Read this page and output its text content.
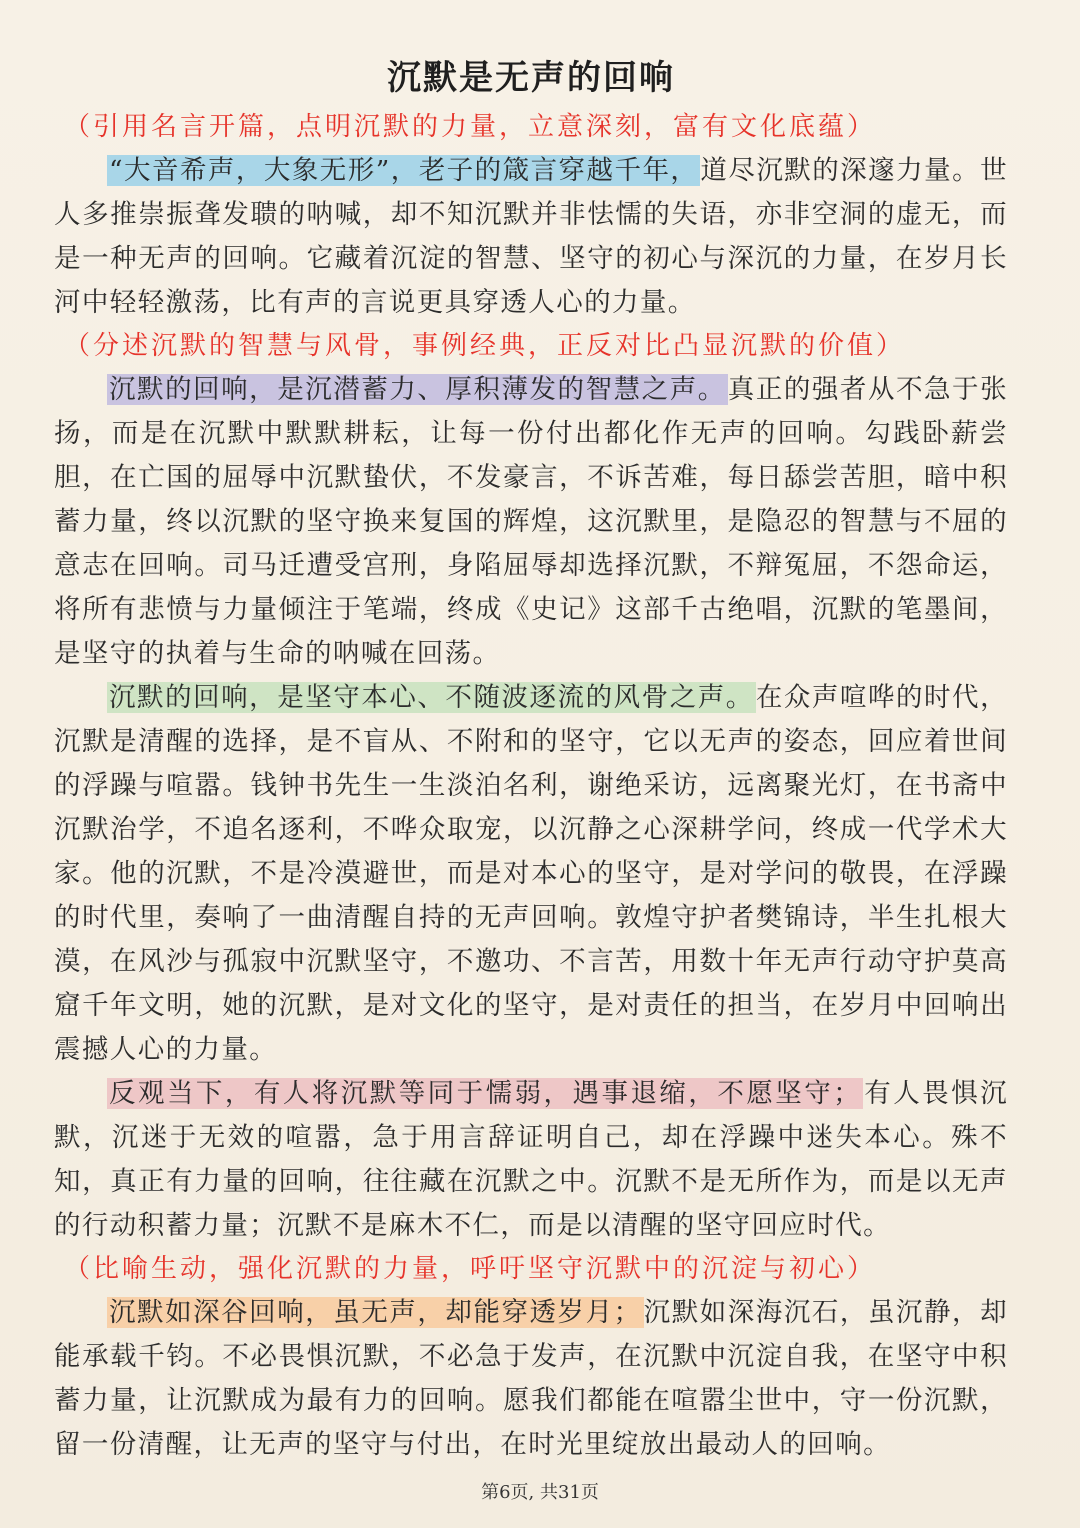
沉默是无声的回响

（引用名言开篇，点明沉默的力量，立意深刻，富有文化底蕴）

“大音希声，大象无形”，老子的箴言穿越千年，道尽沉默的深邃力量。世人多推崇振聋发聩的呐喊，却不知沉默并非怯懦的失语，亦非空洞的虚无，而是一种无声的回响。它藏着沉淀的智慧、坚守的初心与深沉的力量，在岁月长河中轻轻激荡，比有声的言说更具穿透人心的力量。

（分述沉默的智慧与风骨，事例经典，正反对比凸显沉默的价值）

沉默的回响，是沉潜蓄力、厚积薄发的智慧之声。真正的强者从不急于张扬，而是在沉默中默默耕耘，让每一份付出都化作无声的回响。勾践卧薪尝胆，在亡国的屈辱中沉默蛰伏，不发豪言，不诉苦难，每日舔尝苦胆，暗中积蓄力量，终以沉默的坚守换来复国的辉煌，这沉默里，是隐忍的智慧与不屈的意志在回响。司马迁遭受宫刑，身陷屈辱却选择沉默，不辩冤屈，不怨命运，将所有悲愤与力量倾注于笔端，终成《史记》这部千古绝唱，沉默的笔墨间，是坚守的执着与生命的呐喊在回荡。

沉默的回响，是坚守本心、不随波逐流的风骨之声。在众声喧哗的时代，沉默是清醒的选择，是不盲从、不附和的坚守，它以无声的姿态，回应着世间的浮躁与喧嚣。钱钟书先生一生淡泊名利，谢绝采访，远离聚光灯，在书斋中沉默治学，不追名逐利，不哗众取宠，以沉静之心深耕学问，终成一代学术大家。他的沉默，不是冷漠避世，而是对本心的坚守，是对学问的敬畏，在浮躁的时代里，奏响了一曲清醒自持的无声回响。敦煌守护者樊锦诗，半生扎根大漠，在风沙与孤寂中沉默坚守，不邀功、不言苦，用数十年无声行动守护莫高窟千年文明，她的沉默，是对文化的坚守，是对责任的担当，在岁月中回响出震撼人心的力量。

反观当下，有人将沉默等同于懦弱，遇事退缩，不愿坚守；有人畏惧沉默，沉迷于无效的喧嚣，急于用言辞证明自己，却在浮躁中迷失本心。殊不知，真正有力量的回响，往往藏在沉默之中。沉默不是无所作为，而是以无声的行动积蓄力量；沉默不是麻木不仁，而是以清醒的坚守回应时代。

（比喻生动，强化沉默的力量，呼吁坚守沉默中的沉淀与初心）

沉默如深谷回响，虽无声，却能穿透岁月；沉默如深海沉石，虽沉静，却能承载千钧。不必畏惧沉默，不必急于发声，在沉默中沉淀自我，在坚守中积蓄力量，让沉默成为最有力的回响。愿我们都能在喧嚣尘世中，守一份沉默，留一份清醒，让无声的坚守与付出，在时光里绽放出最动人的回响。

第6页, 共31页
